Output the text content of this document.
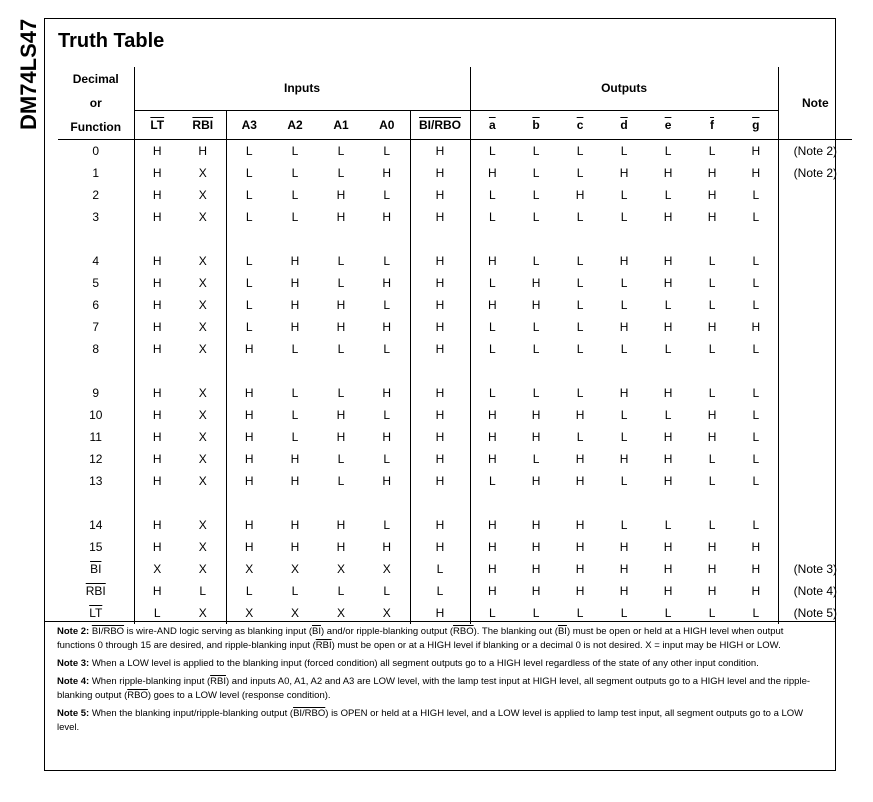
DM74LS47 Truth Table
Decimal
or
Function	Inputs							Outputs							Note
	$\overline{LT}$	$\overline{RBI}$	A3	A2	A1	A0	BI/RBO	$\overline{a}$	$\overline{b}$	$\overline{c}$	$\overline{d}$	$\overline{e}$	$\overline{f}$	$\overline{g}$
0	H	H	L	L	L	L	H	L	L	L	L	L	L	H	(Note 2)
1	H	X	L	L	L	H	H	H	L	L	H	H	H	H	(Note 2)
2	H	X	L	L	H	L	H	L	L	H	L	L	H	L	
3	H	X	L	L	H	H	H	L	L	L	L	H	H	L	

4	H	X	L	H	L	L	H	H	L	L	H	H	L	L	
5	H	X	L	H	L	H	H	L	H	L	L	H	L	L	
6	H	X	L	H	H	L	H	H	H	L	L	L	L	L	
7	H	X	L	H	H	H	H	L	L	L	H	H	H	H	
8	H	X	H	L	L	L	H	L	L	L	L	L	L	L	

9	H	X	H	L	L	H	H	L	L	L	H	H	L	L	
10	H	X	H	L	H	L	H	H	H	H	L	L	H	L	
11	H	X	H	L	H	H	H	H	H	L	L	H	H	L	
12	H	X	H	H	L	L	H	H	L	H	H	H	L	L	
13	H	X	H	H	L	H	H	L	H	H	L	H	L	L	

14	H	X	H	H	H	L	H	H	H	H	L	L	L	L	
15	H	X	H	H	H	H	H	H	H	H	H	H	H	H	
$\overline{BI}$	X	X	X	X	X	X	L	H	H	H	H	H	H	H	(Note 3)
$\overline{RBI}$	H	L	L	L	L	L	L	H	H	H	H	H	H	H	(Note 4)
$\overline{LT}$	L	X	X	X	X	X	H	L	L	L	L	L	L	L	(Note 5)

Note 2: BI/RBO is wire-AND logic serving as blanking input $(\overline{BI})$ and/or ripple-blanking output $(\overline{RBO})$. The blanking out $(\overline{BI})$ must be open or held at a HIGH level when output functions 0 through 15 are desired, and ripple-blanking input $(\overline{RBI})$ must be open or at a HIGH level if blanking or a decimal 0 is not desired. X = input may be HIGH or LOW.

Note 3: When a LOW level is applied to the blanking input (forced condition) all segment outputs go to a HIGH level regardless of the state of any other input condition.

Note 4: When ripple-blanking input $(\overline{RBI})$ and inputs A0, A1, A2 and A3 are LOW level, with the lamp test input at HIGH level, all segment outputs go to a HIGH level and the ripple-blanking output $(\overline{RBO})$ goes to a LOW level (response condition).

Note 5: When the blanking input/ripple-blanking output (BI/RBO) is OPEN or held at a HIGH level, and a LOW level is applied to lamp test input, all segment outputs go to a LOW level.
